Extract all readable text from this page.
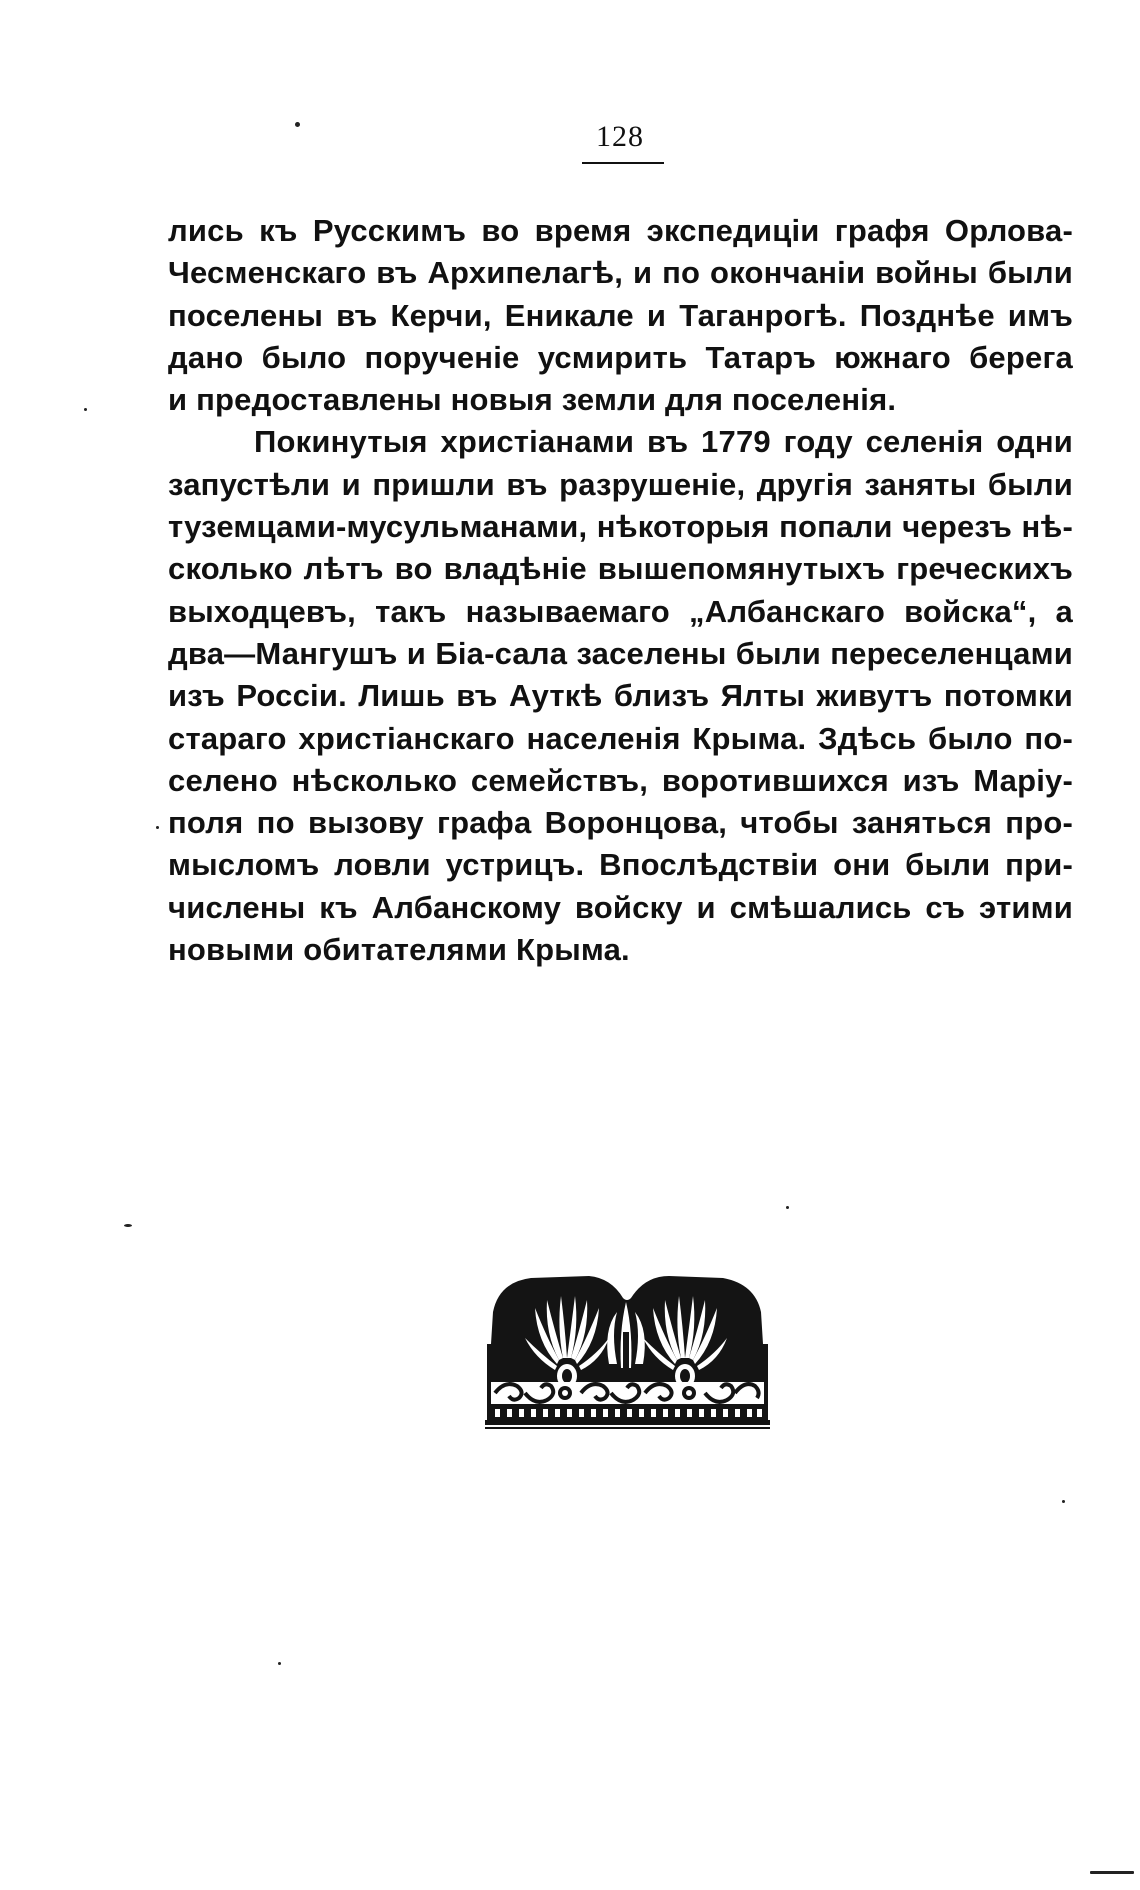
128
лись къ Русскимъ во время экспедиціи графя Орлова-
Чесменскаго въ Архипелагѣ, и по окончаніи войны были
поселены въ Керчи, Еникале и Таганрогѣ. Позднѣе имъ
дано было порученіе усмирить Татаръ южнаго берега
и предоставлены новыя земли для поселенія.
Покинутыя христіанами въ 1779 году селенія одни
запустѣли и пришли въ разрушеніе, другія заняты были
туземцами-мусульманами, нѣкоторыя попали черезъ нѣ-
сколько лѣтъ во владѣніе вышепомянутыхъ греческихъ
выходцевъ, такъ называемаго „Албанскаго войска“, а
два—Мангушъ и Біа-сала заселены были переселенцами
изъ Россіи. Лишь въ Ауткѣ близъ Ялты живутъ потомки
стараго христіанскаго населенія Крыма. Здѣсь было по-
селено нѣсколько семействъ, воротившихся изъ Маріу-
поля по вызову графа Воронцова, чтобы заняться про-
мысломъ ловли устрицъ. Впослѣдствіи они были при-
числены къ Албанскому войску и смѣшались съ этими
новыми обитателями Крыма.
